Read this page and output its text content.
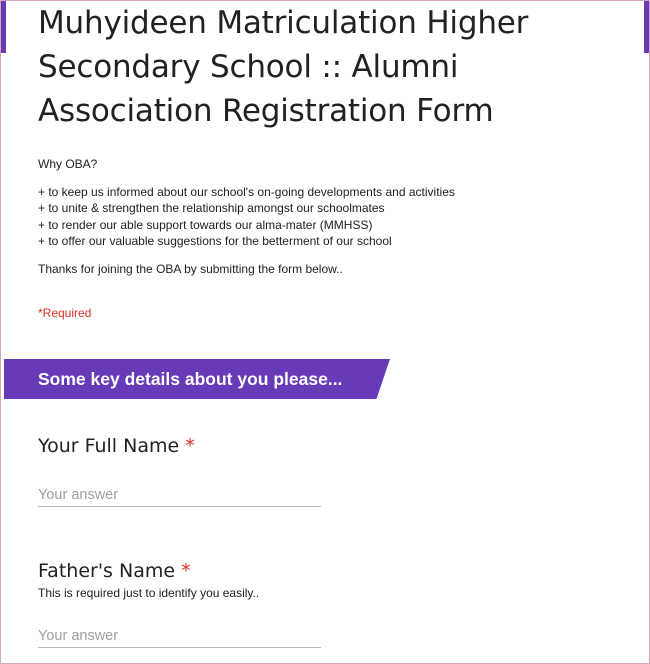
Muhyideen Matriculation Higher Secondary School :: Alumni Association Registration Form

Why OBA?

+ to keep us informed about our school's on-going developments and activities

+ to unite & strengthen the relationship amongst our schoolmates

+ to render our able support towards our alma-mater (MMHSS)

+ to offer our valuable suggestions for the betterment of our school

Thanks for joining the OBA by submitting the form below..

*Required
Some key details about you please...
Your Full Name *
Your answer
Father's Name *
This is required just to identify you easily..
Your answer
